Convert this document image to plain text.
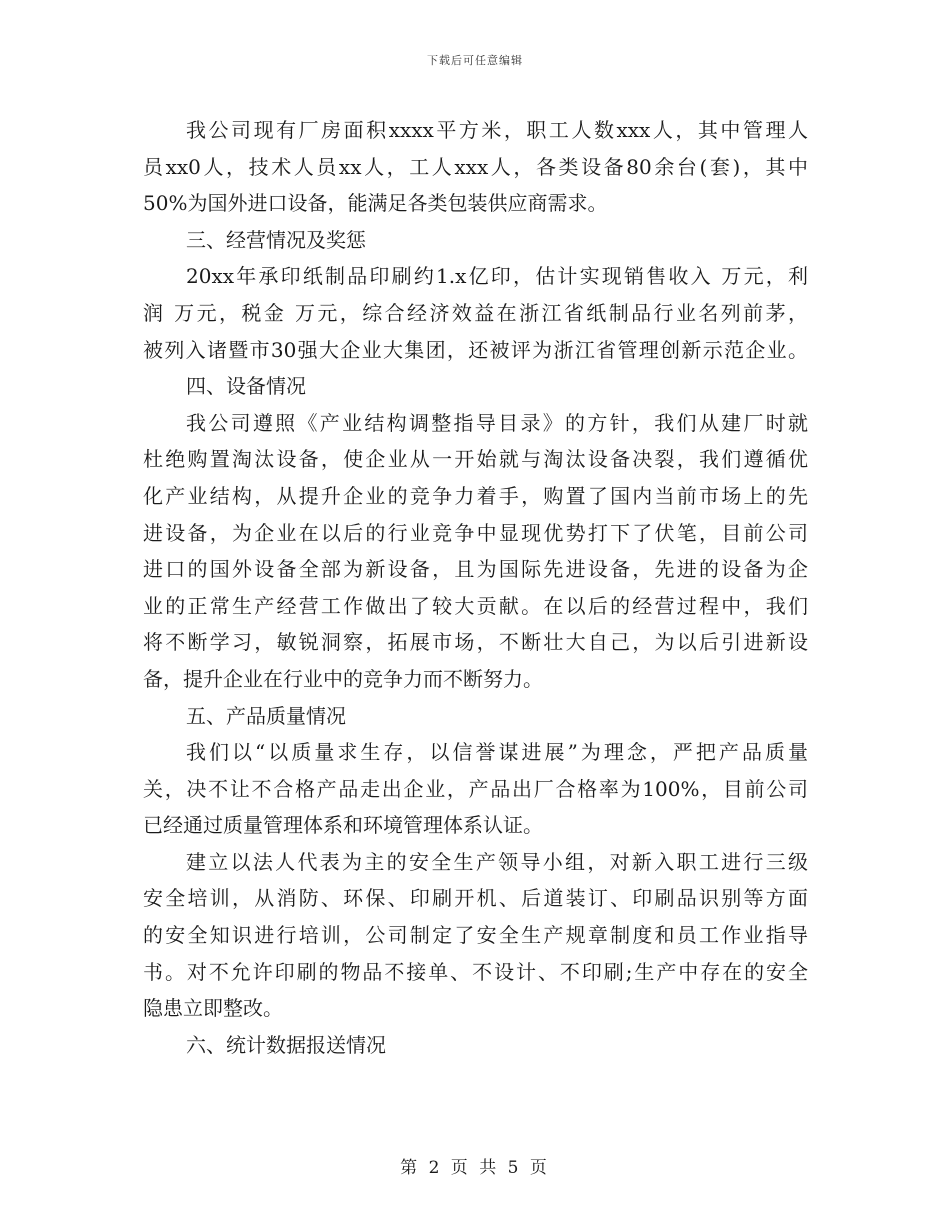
下载后可任意编辑
我公司现有厂房面积xxxx平方米，职工人数xxx人，其中管理人
员xx0人，技术人员xx人，工人xxx人，各类设备80余台(套)，其中
50%为国外进口设备，能满足各类包装供应商需求。
三、经营情况及奖惩
20xx年承印纸制品印刷约1.x亿印，估计实现销售收入 万元，利
润 万元，税金 万元，综合经济效益在浙江省纸制品行业名列前茅，
被列入诸暨市30强大企业大集团，还被评为浙江省管理创新示范企业。
四、设备情况
我公司遵照《产业结构调整指导目录》的方针，我们从建厂时就
杜绝购置淘汰设备，使企业从一开始就与淘汰设备决裂，我们遵循优
化产业结构，从提升企业的竞争力着手，购置了国内当前市场上的先
进设备，为企业在以后的行业竞争中显现优势打下了伏笔，目前公司
进口的国外设备全部为新设备，且为国际先进设备，先进的设备为企
业的正常生产经营工作做出了较大贡献。在以后的经营过程中，我们
将不断学习，敏锐洞察，拓展市场，不断壮大自己，为以后引进新设
备，提升企业在行业中的竞争力而不断努力。
五、产品质量情况
我们以“以质量求生存，以信誉谋进展”为理念，严把产品质量
关，决不让不合格产品走出企业，产品出厂合格率为100%，目前公司
已经通过质量管理体系和环境管理体系认证。
建立以法人代表为主的安全生产领导小组，对新入职工进行三级
安全培训，从消防、环保、印刷开机、后道装订、印刷品识别等方面
的安全知识进行培训，公司制定了安全生产规章制度和员工作业指导
书。对不允许印刷的物品不接单、不设计、不印刷;生产中存在的安全
隐患立即整改。
六、统计数据报送情况
第 2 页 共 5 页
